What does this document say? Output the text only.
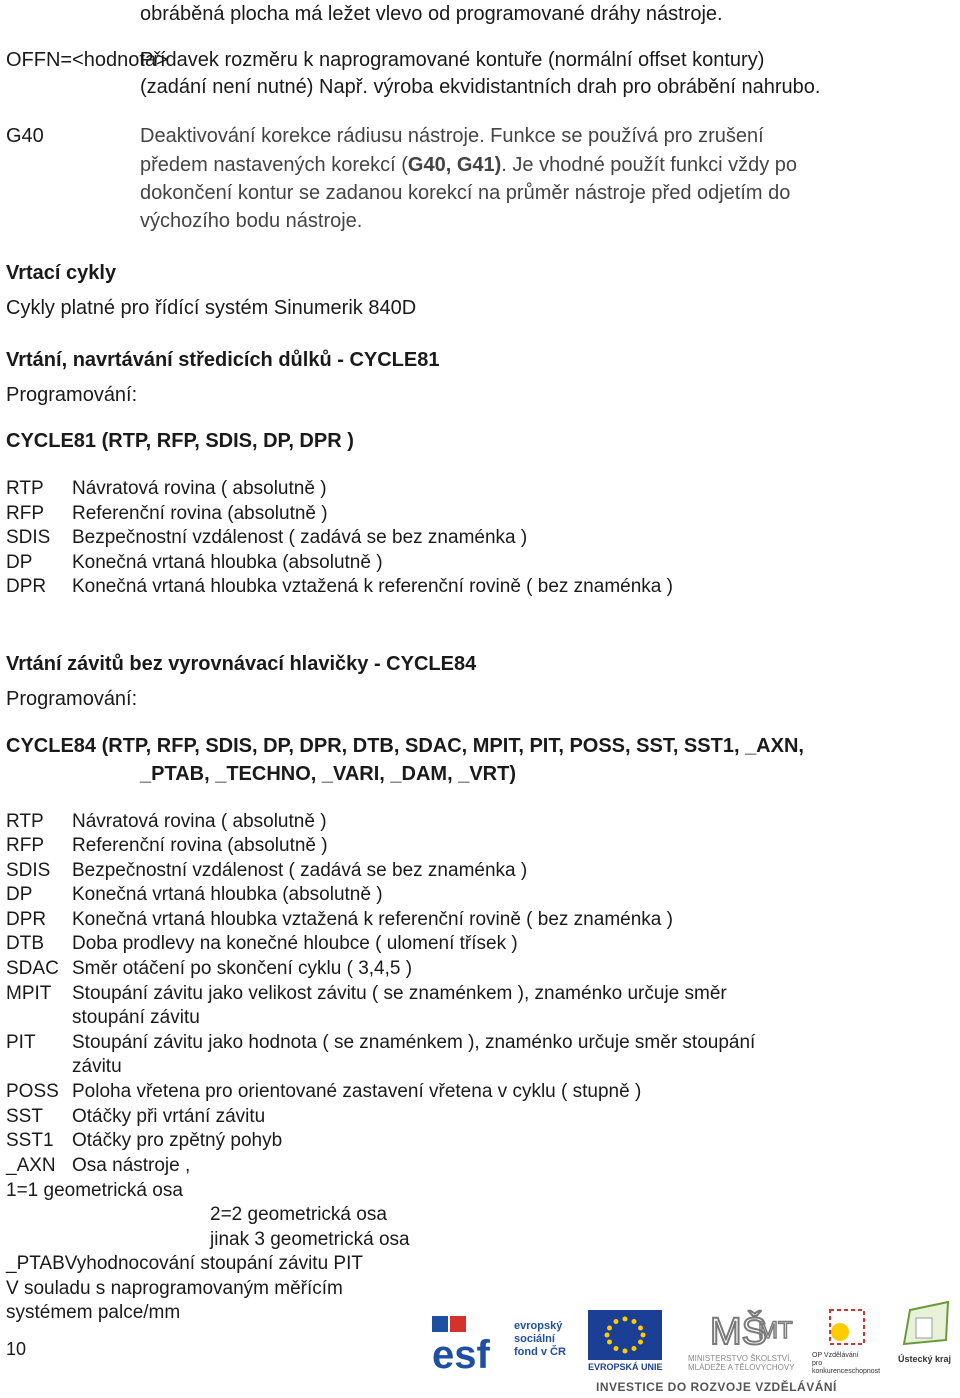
obráběná plocha má ležet vlevo od programované dráhy nástroje.
OFFN=<hodnota>
Přídavek rozměru k naprogramované kontuře (normální offset kontury)
(zadání není nutné) Např. výroba ekvidistantních drah pro obrábění nahrubo.
G40	Deaktivování korekce rádiusu nástroje. Funkce se používá pro zrušení
předem nastavených korekcí (G40, G41). Je vhodné použít funkci vždy po
dokončení kontur se zadanou korekcí na průměr nástroje před odjetím do
výchozího bodu nástroje.
Vrtací cykly
Cykly platné pro řídící systém Sinumerik 840D
Vrtání, navrtávání středicích důlků - CYCLE81
Programování:
CYCLE81 (RTP, RFP, SDIS, DP, DPR )
RTP Návratová rovina ( absolutně )
RFP Referenční rovina (absolutně )
SDIS Bezpečnostní vzdálenost ( zadává se bez znaménka )
DP Konečná vrtaná hloubka (absolutně )
DPR Konečná vrtaná hloubka vztažená k referenční rovině ( bez znaménka )
Vrtání závitů bez vyrovnávací hlavičky - CYCLE84
Programování:
CYCLE84 (RTP, RFP, SDIS, DP, DPR, DTB, SDAC, MPIT, PIT, POSS, SST, SST1, _AXN,
_PTAB, _TECHNO, _VARI, _DAM, _VRT)
RTP Návratová rovina ( absolutně )
RFP Referenční rovina (absolutně )
SDIS Bezpečnostní vzdálenost ( zadává se bez znaménka )
DP Konečná vrtaná hloubka (absolutně )
DPR Konečná vrtaná hloubka vztažená k referenční rovině ( bez znaménka )
DTB Doba prodlevy na konečné hloubce ( ulomení třísek )
SDAC Směr otáčení po skončení cyklu ( 3,4,5 )
MPIT Stoupání závitu jako velikost závitu ( se znaménkem ), znaménko určuje směr
stoupání závitu
PIT Stoupání závitu jako hodnota ( se znaménkem ), znaménko určuje směr stoupání
závitu
POSS Poloha vřetena pro orientované zastavení vřetena v cyklu ( stupně )
SST Otáčky při vrtání závitu
SST1 Otáčky pro zpětný pohyb
_AXN Osa nástroje ,
1=1 geometrická osa
2=2 geometrická osa
jinak 3 geometrická osa
_PTABVyhodnocování stoupání závitu PIT
V souladu s naprogramovaným měřícím
systémem palce/mm
10	esf
evropský
sociální
fond v ČR
EVROPSKÁ UNIE
MŠ
MT
MINISTERSTVO ŠKOLSTVÍ,
MLÁDEŽE A TĚLOVÝCHOVY
OP Vzdělávání
pro konkurenceschopnost
Ústecký kraj
INVESTICE DO ROZVOJE VZDĚLÁVÁNÍ
